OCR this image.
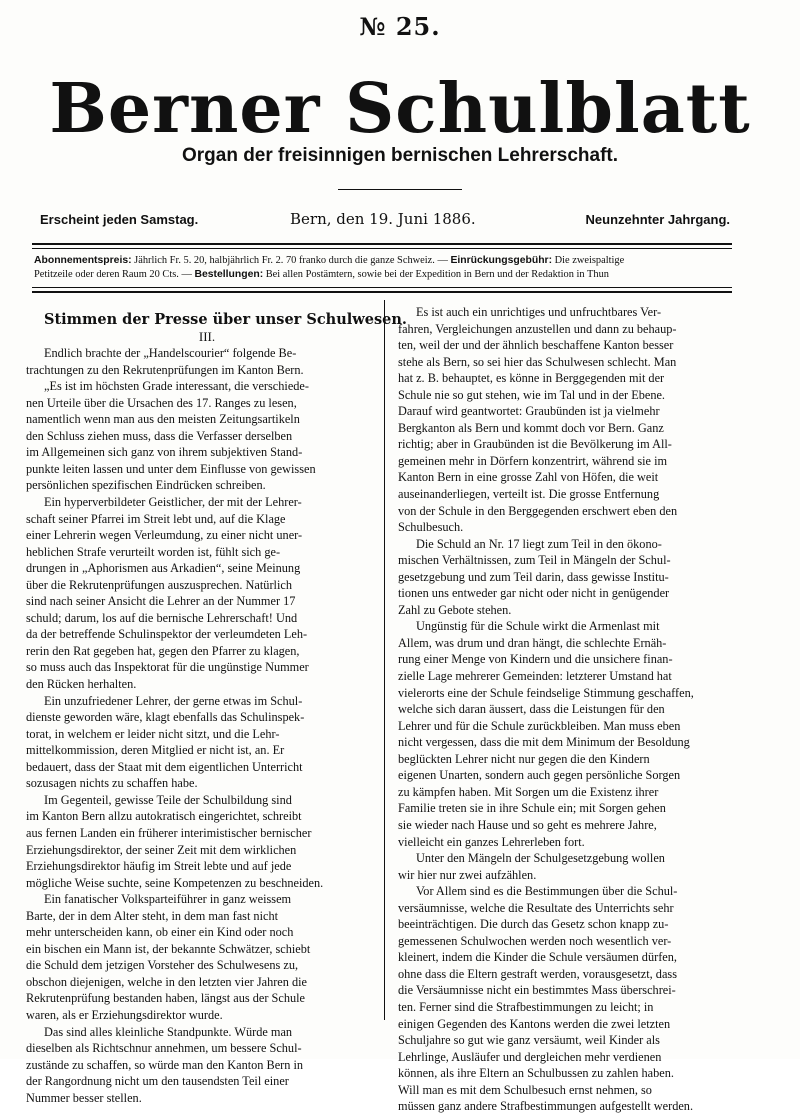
№ 25.
Berner Schulblatt
Organ der freisinnigen bernischen Lehrerschaft.
Erscheint jeden Samstag.	Bern, den 19. Juni 1886.	Neunzehnter Jahrgang.
Abonnementspreis: Jährlich Fr. 5. 20, halbjährlich Fr. 2. 70 franko durch die ganze Schweiz. — Einrückungsgebühr: Die zweispaltige
Petitzeile oder deren Raum 20 Cts. — Bestellungen: Bei allen Postämtern, sowie bei der Expedition in Bern und der Redaktion in Thun

Stimmen der Presse über unser Schulwesen.

III.

Endlich brachte der „Handelscourier“ folgende Be-
trachtungen zu den Rekrutenprüfungen im Kanton Bern.
„Es ist im höchsten Grade interessant, die verschiede-
nen Urteile über die Ursachen des 17. Ranges zu lesen,
namentlich wenn man aus den meisten Zeitungsartikeln
den Schluss ziehen muss, dass die Verfasser derselben
im Allgemeinen sich ganz von ihrem subjektiven Stand-
punkte leiten lassen und unter dem Einflusse von gewissen
persönlichen spezifischen Eindrücken schreiben.
Ein hyperverbildeter Geistlicher, der mit der Lehrer-
schaft seiner Pfarrei im Streit lebt und, auf die Klage
einer Lehrerin wegen Verleumdung, zu einer nicht uner-
heblichen Strafe verurteilt worden ist, fühlt sich ge-
drungen in „Aphorismen aus Arkadien“, seine Meinung
über die Rekrutenprüfungen auszusprechen. Natürlich
sind nach seiner Ansicht die Lehrer an der Nummer 17
schuld; darum, los auf die bernische Lehrerschaft! Und
da der betreffende Schulinspektor der verleumdeten Leh-
rerin den Rat gegeben hat, gegen den Pfarrer zu klagen,
so muss auch das Inspektorat für die ungünstige Nummer
den Rücken herhalten.
Ein unzufriedener Lehrer, der gerne etwas im Schul-
dienste geworden wäre, klagt ebenfalls das Schulinspek-
torat, in welchem er leider nicht sitzt, und die Lehr-
mittelkommission, deren Mitglied er nicht ist, an. Er
bedauert, dass der Staat mit dem eigentlichen Unterricht
sozusagen nichts zu schaffen habe.
Im Gegenteil, gewisse Teile der Schulbildung sind
im Kanton Bern allzu autokratisch eingerichtet, schreibt
aus fernen Landen ein früherer interimistischer bernischer
Erziehungsdirektor, der seiner Zeit mit dem wirklichen
Erziehungsdirektor häufig im Streit lebte und auf jede
mögliche Weise suchte, seine Kompetenzen zu beschneiden.
Ein fanatischer Volksparteiführer in ganz weissem
Barte, der in dem Alter steht, in dem man fast nicht
mehr unterscheiden kann, ob einer ein Kind oder noch
ein bischen ein Mann ist, der bekannte Schwätzer, schiebt
die Schuld dem jetzigen Vorsteher des Schulwesens zu,
obschon diejenigen, welche in den letzten vier Jahren die
Rekrutenprüfung bestanden haben, längst aus der Schule
waren, als er Erziehungsdirektor wurde.
Das sind alles kleinliche Standpunkte. Würde man
dieselben als Richtschnur annehmen, um bessere Schul-
zustände zu schaffen, so würde man den Kanton Bern in
der Rangordnung nicht um den tausendsten Teil einer
Nummer besser stellen.
Es ist auch ein unrichtiges und unfruchtbares Ver-
fahren, Vergleichungen anzustellen und dann zu behaup-
ten, weil der und der ähnlich beschaffene Kanton besser
stehe als Bern, so sei hier das Schulwesen schlecht. Man
hat z. B. behauptet, es könne in Berggegenden mit der
Schule nie so gut stehen, wie im Tal und in der Ebene.
Darauf wird geantwortet: Graubünden ist ja vielmehr
Bergkanton als Bern und kommt doch vor Bern. Ganz
richtig; aber in Graubünden ist die Bevölkerung im All-
gemeinen mehr in Dörfern konzentrirt, während sie im
Kanton Bern in eine grosse Zahl von Höfen, die weit
auseinanderliegen, verteilt ist. Die grosse Entfernung
von der Schule in den Berggegenden erschwert eben den
Schulbesuch.
Die Schuld an Nr. 17 liegt zum Teil in den ökono-
mischen Verhältnissen, zum Teil in Mängeln der Schul-
gesetzgebung und zum Teil darin, dass gewisse Institu-
tionen uns entweder gar nicht oder nicht in genügender
Zahl zu Gebote stehen.
Ungünstig für die Schule wirkt die Armenlast mit
Allem, was drum und dran hängt, die schlechte Ernäh-
rung einer Menge von Kindern und die unsichere finan-
zielle Lage mehrerer Gemeinden: letzterer Umstand hat
vielerorts eine der Schule feindselige Stimmung geschaffen,
welche sich daran äussert, dass die Leistungen für den
Lehrer und für die Schule zurückbleiben. Man muss eben
nicht vergessen, dass die mit dem Minimum der Besoldung
beglückten Lehrer nicht nur gegen die den Kindern
eigenen Unarten, sondern auch gegen persönliche Sorgen
zu kämpfen haben. Mit Sorgen um die Existenz ihrer
Familie treten sie in ihre Schule ein; mit Sorgen gehen
sie wieder nach Hause und so geht es mehrere Jahre,
vielleicht ein ganzes Lehrerleben fort.
Unter den Mängeln der Schulgesetzgebung wollen
wir hier nur zwei aufzählen.
Vor Allem sind es die Bestimmungen über die Schul-
versäumnisse, welche die Resultate des Unterrichts sehr
beeinträchtigen. Die durch das Gesetz schon knapp zu-
gemessenen Schulwochen werden noch wesentlich ver-
kleinert, indem die Kinder die Schule versäumen dürfen,
ohne dass die Eltern gestraft werden, vorausgesetzt, dass
die Versäumnisse nicht ein bestimmtes Mass überschrei-
ten. Ferner sind die Strafbestimmungen zu leicht; in
einigen Gegenden des Kantons werden die zwei letzten
Schuljahre so gut wie ganz versäumt, weil Kinder als
Lehrlinge, Ausläufer und dergleichen mehr verdienen
können, als ihre Eltern an Schulbussen zu zahlen haben.
Will man es mit dem Schulbesuch ernst nehmen, so
müssen ganz andere Strafbestimmungen aufgestellt werden.
